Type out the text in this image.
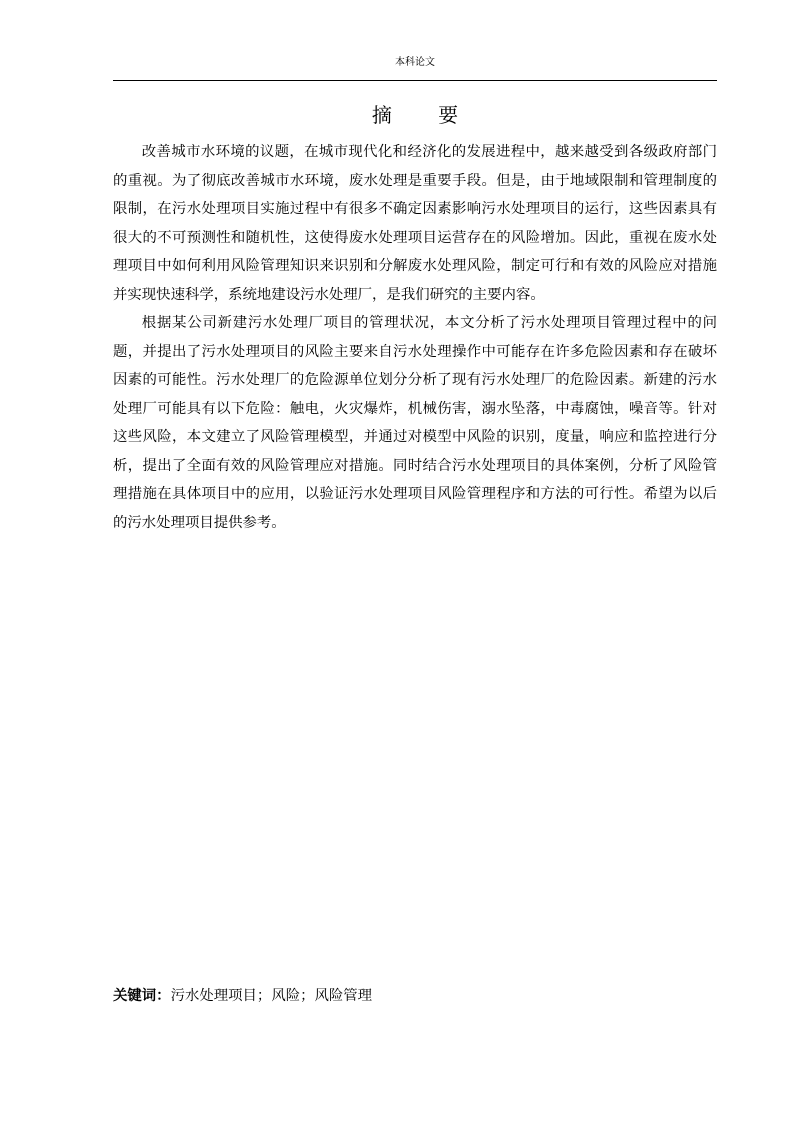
本科论文
摘 要

改善城市水环境的议题，在城市现代化和经济化的发展进程中，越来越受到各级政府部门的重视。为了彻底改善城市水环境，废水处理是重要手段。但是，由于地域限制和管理制度的限制，在污水处理项目实施过程中有很多不确定因素影响污水处理项目的运行，这些因素具有很大的不可预测性和随机性，这使得废水处理项目运营存在的风险增加。因此，重视在废水处理项目中如何利用风险管理知识来识别和分解废水处理风险，制定可行和有效的风险应对措施并实现快速科学，系统地建设污水处理厂，是我们研究的主要内容。

根据某公司新建污水处理厂项目的管理状况，本文分析了污水处理项目管理过程中的问题，并提出了污水处理项目的风险主要来自污水处理操作中可能存在许多危险因素和存在破坏因素的可能性。污水处理厂的危险源单位划分分析了现有污水处理厂的危险因素。新建的污水处理厂可能具有以下危险：触电，火灾爆炸，机械伤害，溺水坠落，中毒腐蚀，噪音等。针对这些风险，本文建立了风险管理模型，并通过对模型中风险的识别，度量，响应和监控进行分析，提出了全面有效的风险管理应对措施。同时结合污水处理项目的具体案例，分析了风险管理措施在具体项目中的应用，以验证污水处理项目风险管理程序和方法的可行性。希望为以后的污水处理项目提供参考。

关键词：污水处理项目；风险；风险管理
